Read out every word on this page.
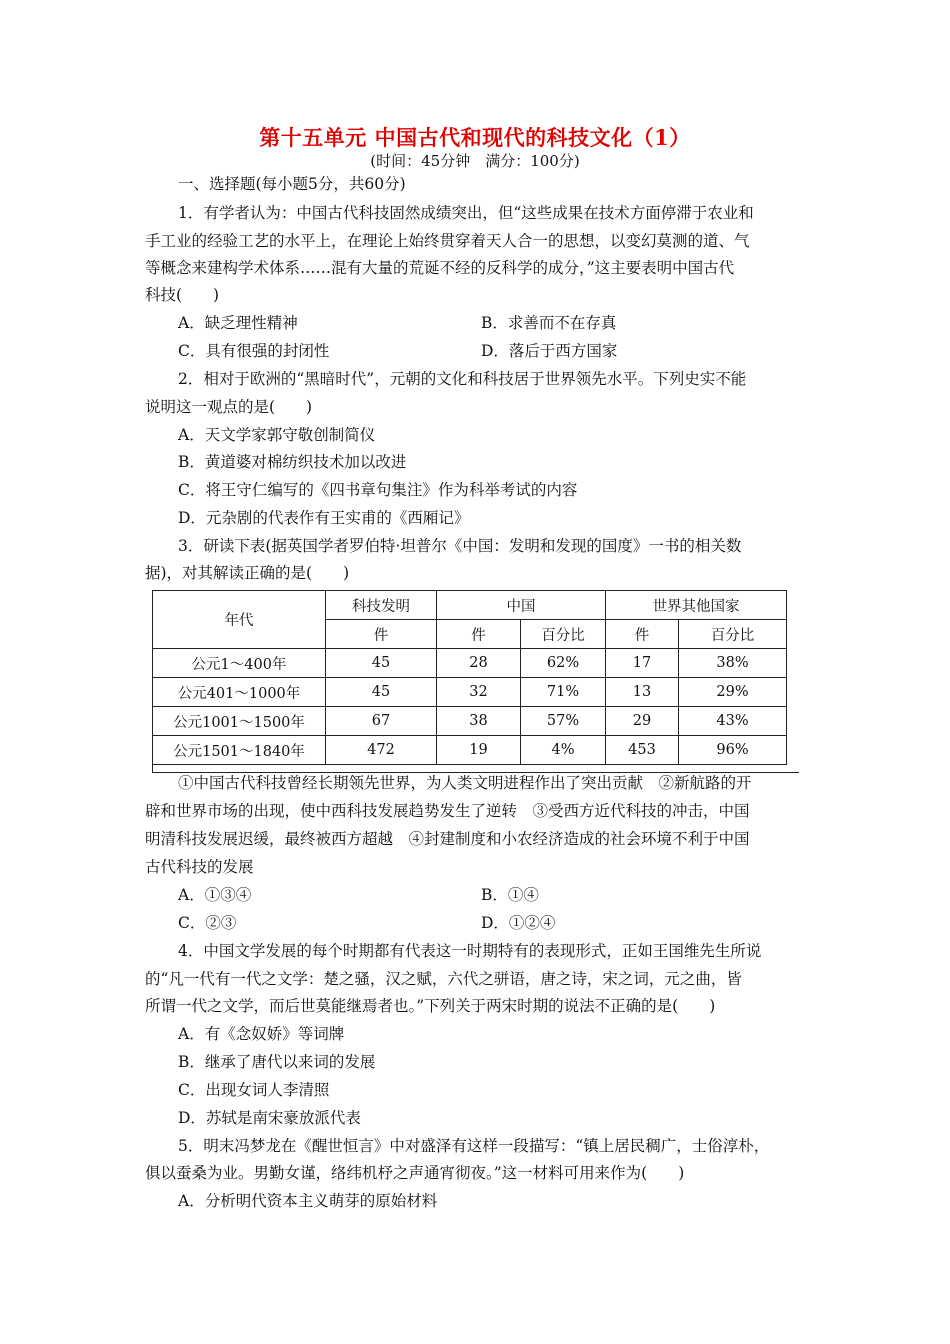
第十五单元 中国古代和现代的科技文化（1）
(时间：45分钟　满分：100分)
一、选择题(每小题5分，共60分)
1．有学者认为：中国古代科技固然成绩突出，但“这些成果在技术方面停滞于农业和
手工业的经验工艺的水平上，在理论上始终贯穿着天人合一的思想，以变幻莫测的道、气
等概念来建构学术体系……混有大量的荒诞不经的反科学的成分，”这主要表明中国古代
科技(　　)
A．缺乏理性精神	B．求善而不在存真
C．具有很强的封闭性	D．落后于西方国家
2．相对于欧洲的“黑暗时代”，元朝的文化和科技居于世界领先水平。下列史实不能
说明这一观点的是(　　)
A．天文学家郭守敬创制简仪
B．黄道婆对棉纺织技术加以改进
C．将王守仁编写的《四书章句集注》作为科举考试的内容
D．元杂剧的代表作有王实甫的《西厢记》
3．研读下表(据英国学者罗伯特·坦普尔《中国：发明和发现的国度》一书的相关数
据)，对其解读正确的是(　　)
年代	科技发明	中国		世界其他国家	
	件	件	百分比	件	百分比
公元1～400年	45	28	62%	17	38%
公元401～1000年	45	32	71%	13	29%
公元1001～1500年	67	38	57%	29	43%
公元1501～1840年	472	19	4%	453	96%
①中国古代科技曾经长期领先世界，为人类文明进程作出了突出贡献　②新航路的开
辟和世界市场的出现，使中西科技发展趋势发生了逆转　③受西方近代科技的冲击，中国
明清科技发展迟缓，最终被西方超越　④封建制度和小农经济造成的社会环境不利于中国
古代科技的发展
A．①③④	B．①④
C．②③	D．①②④
4．中国文学发展的每个时期都有代表这一时期特有的表现形式，正如王国维先生所说
的“凡一代有一代之文学：楚之骚，汉之赋，六代之骈语，唐之诗，宋之词，元之曲，皆
所谓一代之文学，而后世莫能继焉者也。”下列关于两宋时期的说法不正确的是(　　)
A．有《念奴娇》等词牌
B．继承了唐代以来词的发展
C．出现女词人李清照
D．苏轼是南宋豪放派代表
5．明末冯梦龙在《醒世恒言》中对盛泽有这样一段描写：“镇上居民稠广，士俗淳朴，
俱以蚕桑为业。男勤女谨，络纬机杼之声通宵彻夜。”这一材料可用来作为(　　)
A．分析明代资本主义萌芽的原始材料
